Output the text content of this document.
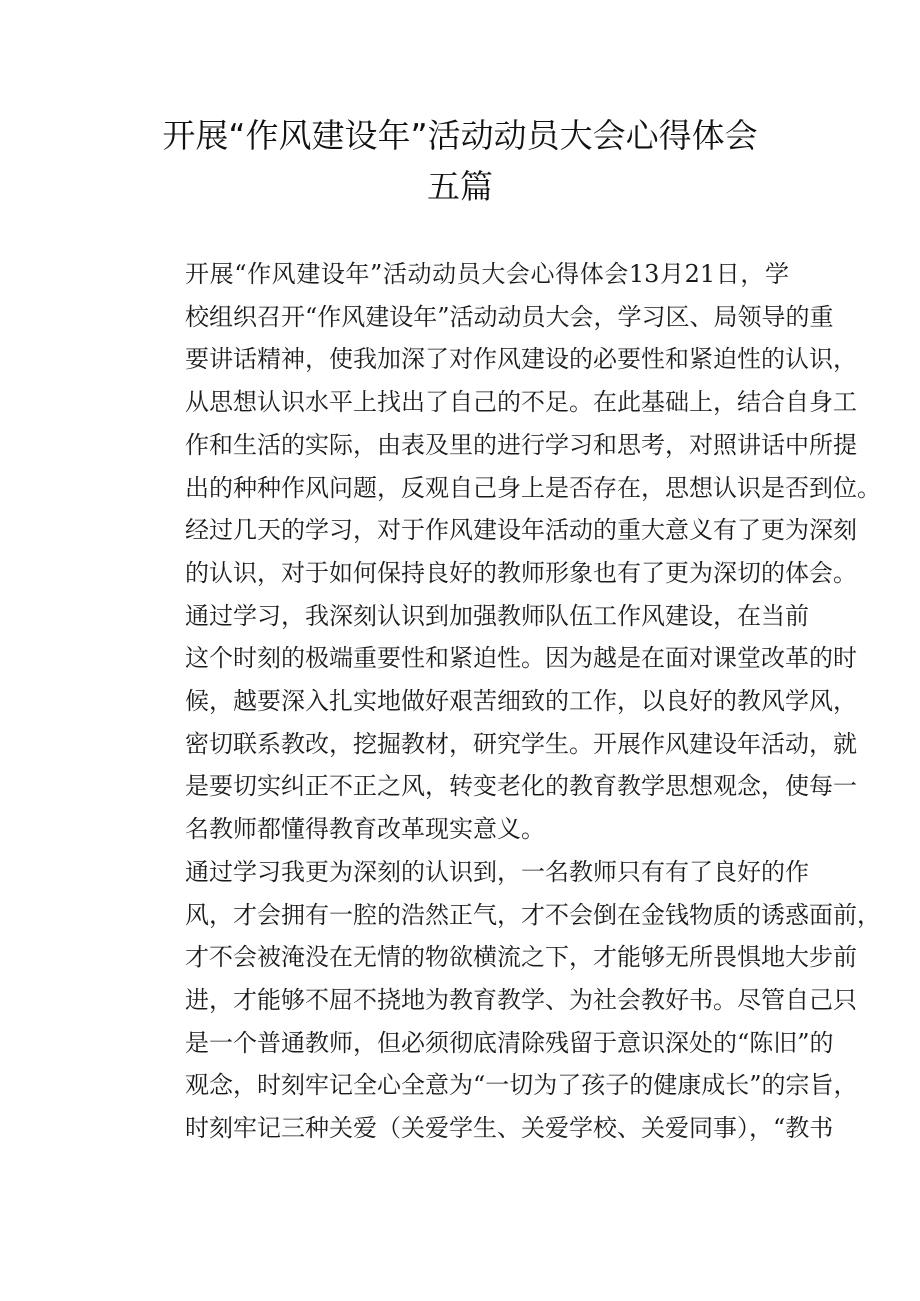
开展“作风建设年”活动动员大会心得体会
五篇

开展“作风建设年”活动动员大会心得体会13月21日，学
校组织召开“作风建设年”活动动员大会，学习区、局领导的重
要讲话精神，使我加深了对作风建设的必要性和紧迫性的认识，
从思想认识水平上找出了自己的不足。在此基础上，结合自身工
作和生活的实际，由表及里的进行学习和思考，对照讲话中所提
出的种种作风问题，反观自己身上是否存在，思想认识是否到位。
经过几天的学习，对于作风建设年活动的重大意义有了更为深刻
的认识，对于如何保持良好的教师形象也有了更为深切的体会。

通过学习，我深刻认识到加强教师队伍工作风建设，在当前
这个时刻的极端重要性和紧迫性。因为越是在面对课堂改革的时
候，越要深入扎实地做好艰苦细致的工作，以良好的教风学风，
密切联系教改，挖掘教材，研究学生。开展作风建设年活动，就
是要切实纠正不正之风，转变老化的教育教学思想观念，使每一
名教师都懂得教育改革现实意义。

通过学习我更为深刻的认识到，一名教师只有有了良好的作
风，才会拥有一腔的浩然正气，才不会倒在金钱物质的诱惑面前，
才不会被淹没在无情的物欲横流之下，才能够无所畏惧地大步前
进，才能够不屈不挠地为教育教学、为社会教好书。尽管自己只
是一个普通教师，但必须彻底清除残留于意识深处的“陈旧”的
观念，时刻牢记全心全意为“一切为了孩子的健康成长”的宗旨，
时刻牢记三种关爱（关爱学生、关爱学校、关爱同事），“教书
